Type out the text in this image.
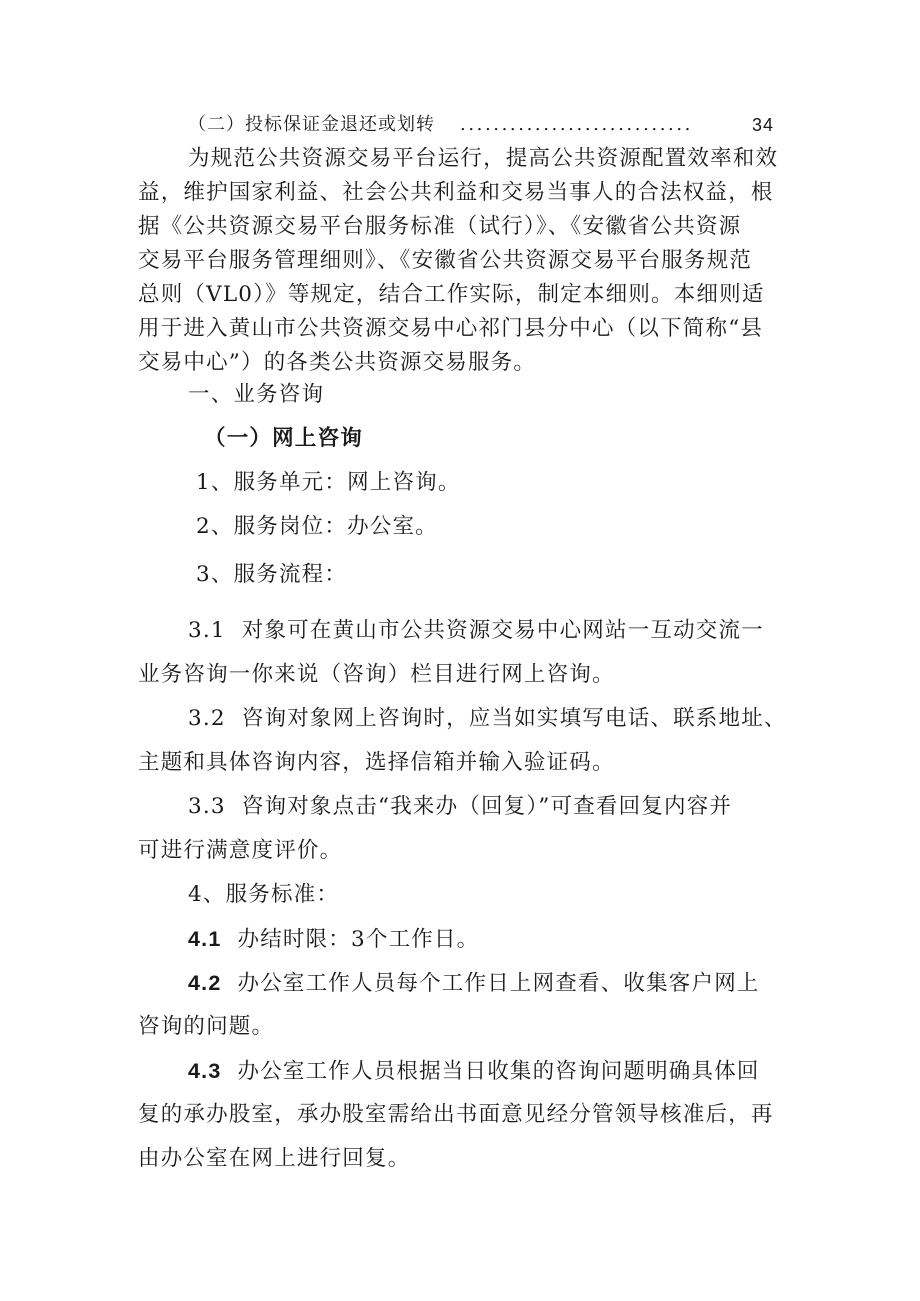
（二）投标保证金退还或划转 ............................	34
为规范公共资源交易平台运行，提高公共资源配置效率和效
益，维护国家利益、社会公共利益和交易当事人的合法权益，根
据《公共资源交易平台服务标准（试行）》、《安徽省公共资源
交易平台服务管理细则》、《安徽省公共资源交易平台服务规范
总则（VL0）》等规定，结合工作实际，制定本细则。本细则适
用于进入黄山市公共资源交易中心祁门县分中心（以下简称“县
交易中心”）的各类公共资源交易服务。
一、业务咨询
（一）网上咨询
1、服务单元：网上咨询。
2、服务岗位：办公室。
3、服务流程：
3.1 对象可在黄山市公共资源交易中心网站一互动交流一
业务咨询一你来说（咨询）栏目进行网上咨询。
3.2 咨询对象网上咨询时，应当如实填写电话、联系地址、
主题和具体咨询内容，选择信箱并输入验证码。
3.3 咨询对象点击“我来办（回复）”可查看回复内容并
可进行满意度评价。
4、服务标准：
4.1 办结时限：3个工作日。
4.2 办公室工作人员每个工作日上网查看、收集客户网上
咨询的问题。
4.3 办公室工作人员根据当日收集的咨询问题明确具体回
复的承办股室，承办股室需给出书面意见经分管领导核准后，再
由办公室在网上进行回复。
